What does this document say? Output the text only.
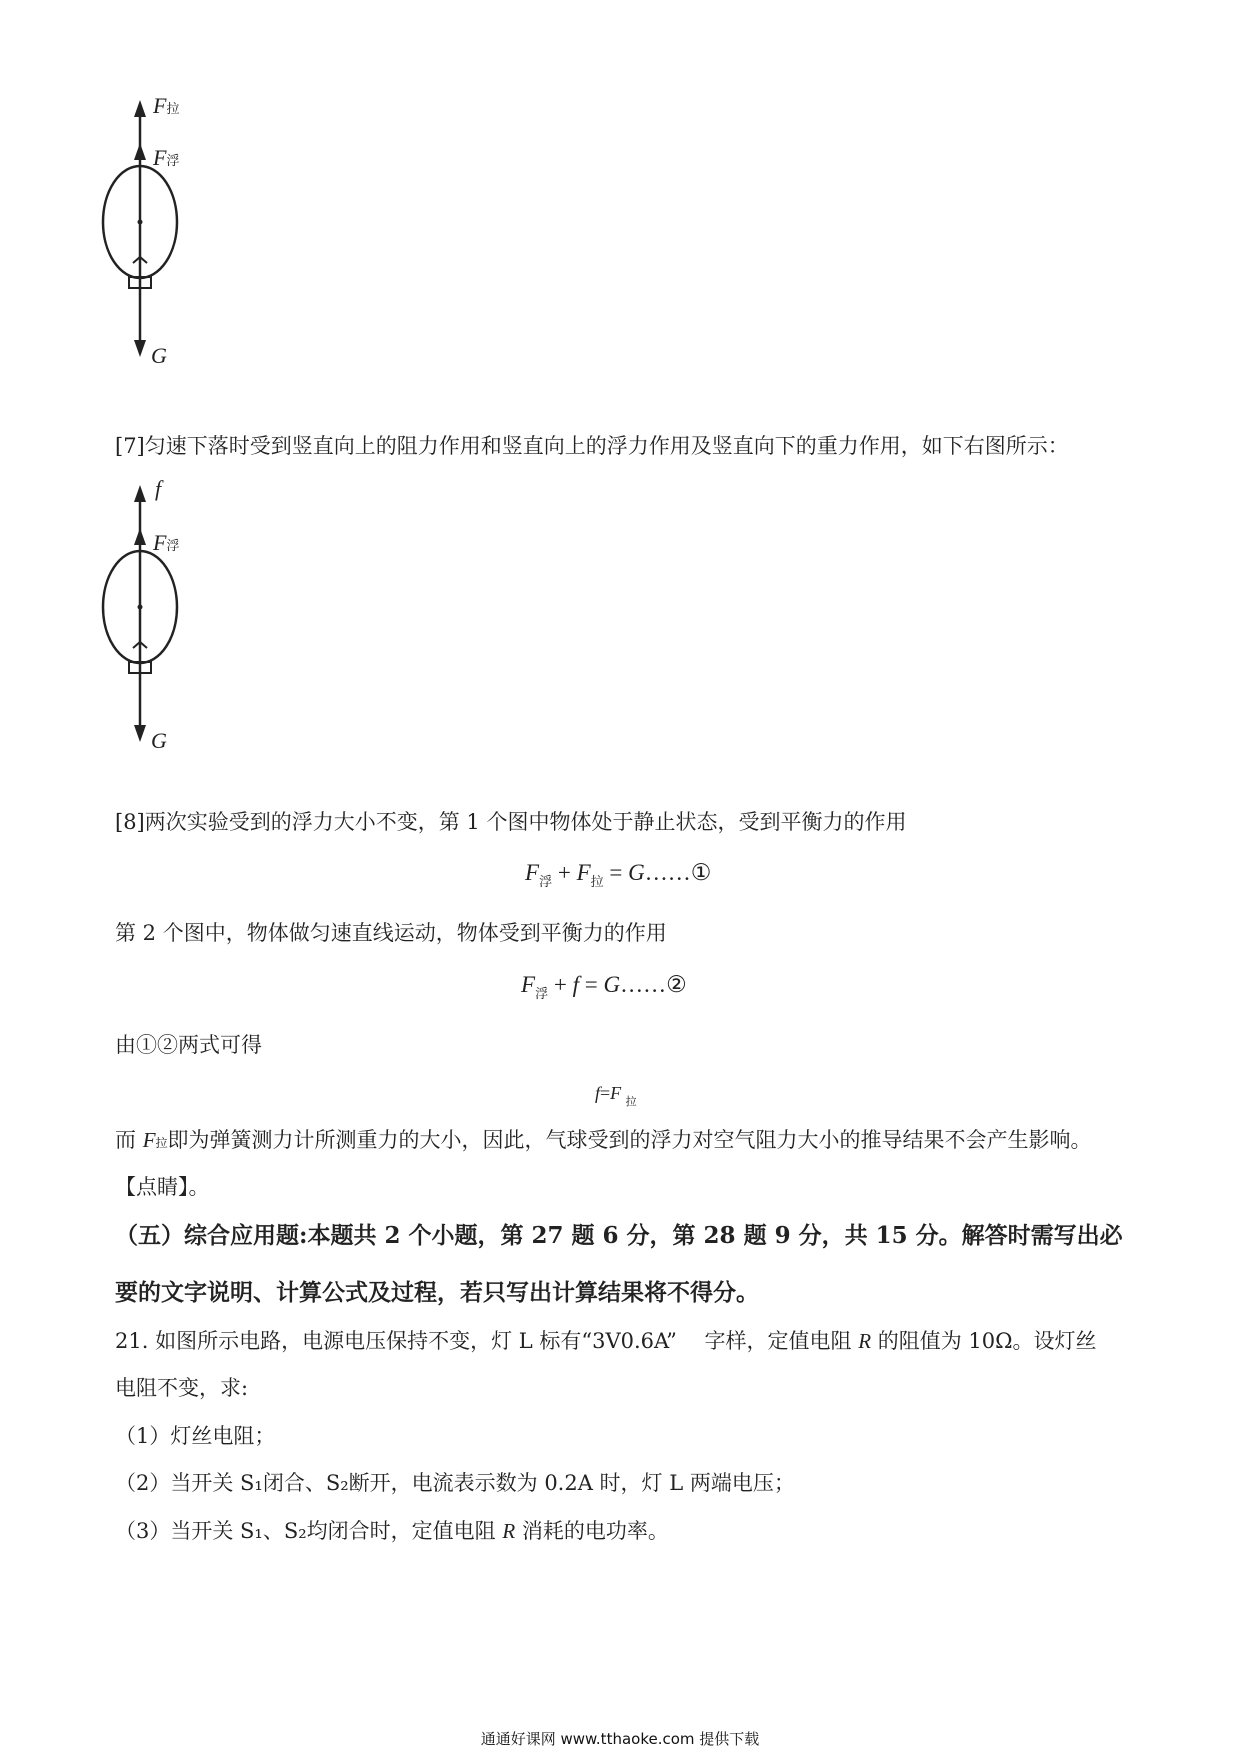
F拉
F浮
G
[7]匀速下落时受到竖直向上的阻力作用和竖直向上的浮力作用及竖直向下的重力作用，如下右图所示：
f
F浮
G
[8]两次实验受到的浮力大小不变，第 1 个图中物体处于静止状态，受到平衡力的作用
$F_浮 + F_拉$ = G……①
第 2 个图中，物体做匀速直线运动，物体受到平衡力的作用
$F_浮 + f$ = G……②
由①②两式可得
f=F $_拉$
而 F拉即为弹簧测力计所测重力的大小，因此，气球受到的浮力对空气阻力大小的推导结果不会产生影响。
【点睛】。
（五）综合应用题:本题共 2 个小题，第 27 题 6 分，第 28 题 9 分，共 15 分。解答时需写出必
要的文字说明、计算公式及过程，若只写出计算结果将不得分。
21. 如图所示电路，电源电压保持不变，灯 L 标有“3V0.6A”　 字样，定值电阻 R 的阻值为 10Ω。设灯丝
电阻不变，求:
（1）灯丝电阻；
（2）当开关 S₁闭合、S₂断开，电流表示数为 0.2A 时，灯 L 两端电压；
（3）当开关 S₁、S₂均闭合时，定值电阻 R 消耗的电功率。
通通好课网 www.tthaoke.com 提供下载
